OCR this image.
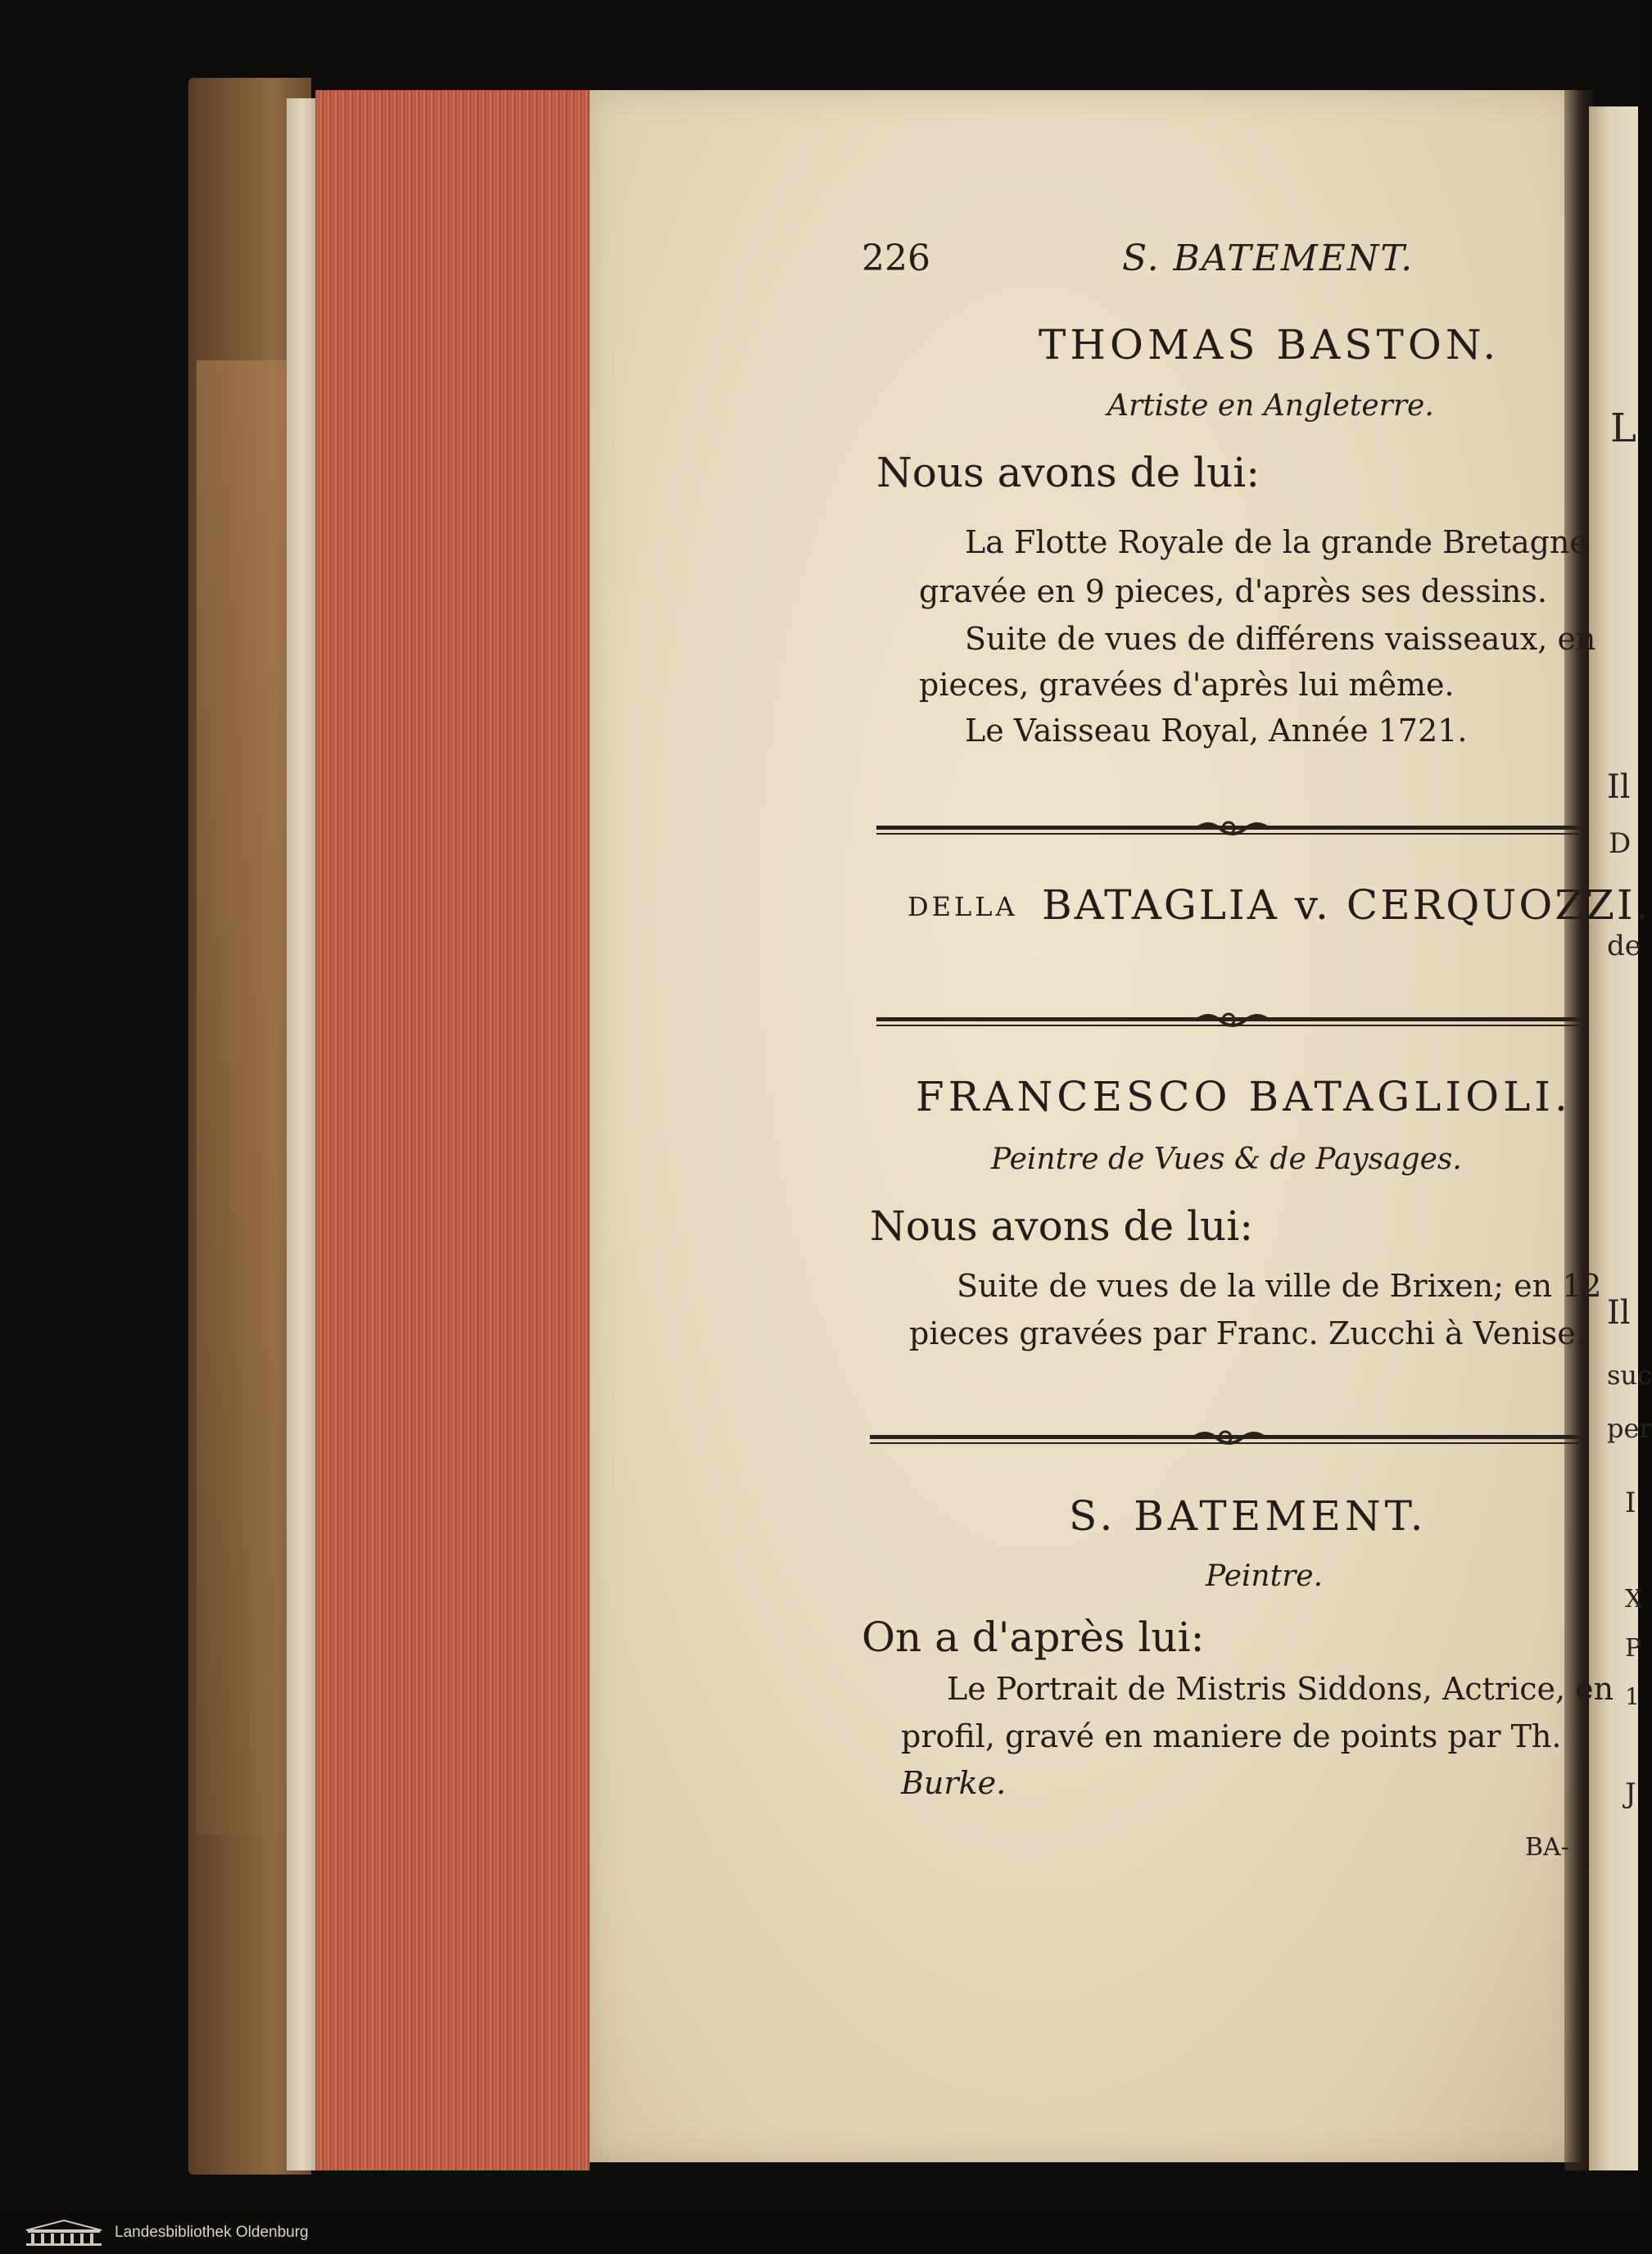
L
Il
D
de
Il
suc
per
I
X
P
1
J
226	S. BATEMENT.
THOMAS BASTON.
Artiste en Angleterre.
Nous avons de lui:
La Flotte Royale de la grande Bretagne
gravée en 9 pieces, d'après ses dessins.
Suite de vues de différens vaisseaux, en
pieces, gravées d'après lui même.
Le Vaisseau Royal, Année 1721.
DELLA BATAGLIA v. CERQUOZZI.
FRANCESCO BATAGLIOLI.
Peintre de Vues & de Paysages.
Nous avons de lui:
Suite de vues de la ville de Brixen; en 12
pieces gravées par Franc. Zucchi à Venise.
S. BATEMENT.
Peintre.
On a d'après lui:
Le Portrait de Mistris Siddons, Actrice, en
profil, gravé en maniere de points par Th.
Burke.
BA-
Landesbibliothek Oldenburg
